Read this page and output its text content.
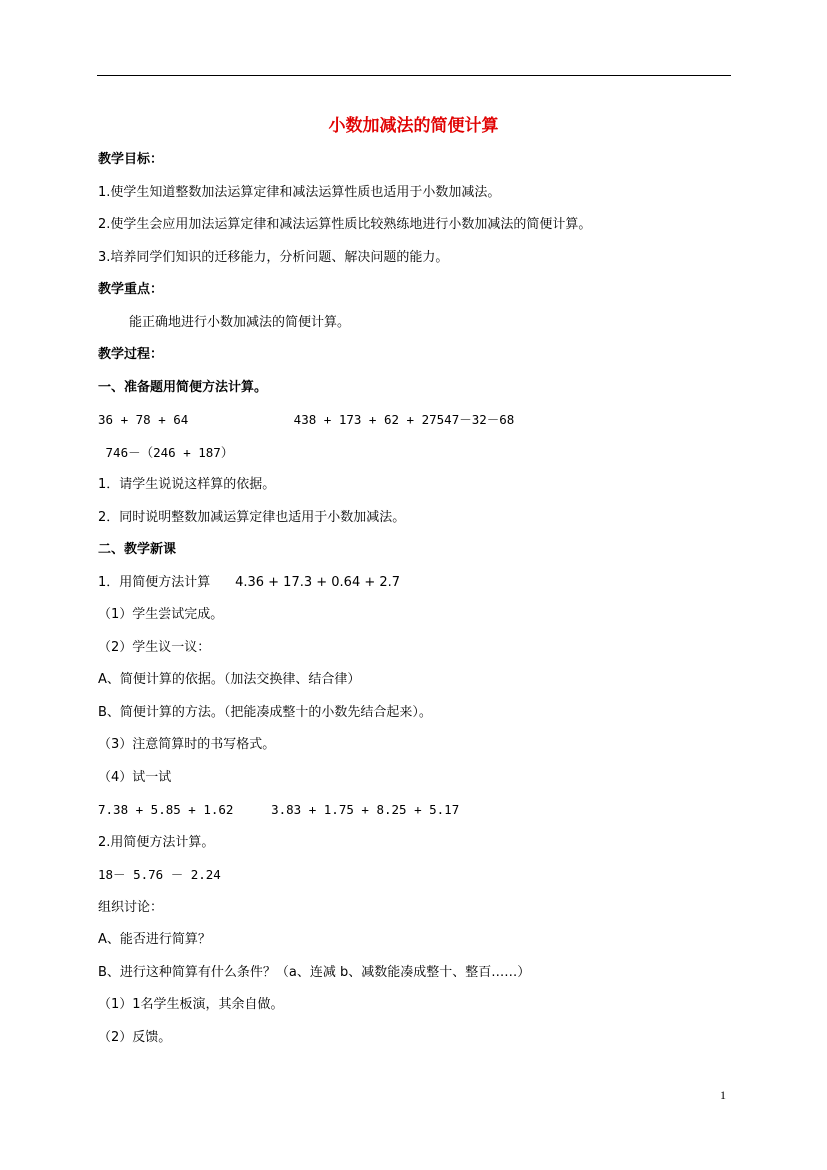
小数加减法的简便计算
教学目标：
1.使学生知道整数加法运算定律和减法运算性质也适用于小数加减法。
2.使学生会应用加法运算定律和减法运算性质比较熟练地进行小数加减法的简便计算。
3.培养同学们知识的迁移能力，分析问题、解决问题的能力。
教学重点：
能正确地进行小数加减法的简便计算。
教学过程：
一、准备题用简便方法计算。
36 + 78 + 64              438 + 173 + 62 + 27547－32－68
746－（246 + 187）
1．请学生说说这样算的依据。
2．同时说明整数加减运算定律也适用于小数加减法。
二、教学新课
1．用简便方法计算      4.36 + 17.3 + 0.64 + 2.7
（1）学生尝试完成。
（2）学生议一议：
A、简便计算的依据。（加法交换律、结合律）
B、简便计算的方法。（把能凑成整十的小数先结合起来）。
（3）注意简算时的书写格式。
（4）试一试
7.38 + 5.85 + 1.62     3.83 + 1.75 + 8.25 + 5.17
2.用简便方法计算。
18－ 5.76 － 2.24
组织讨论：
A、能否进行简算？
B、进行这种简算有什么条件？（a、连减 b、减数能凑成整十、整百……）
（1）1名学生板演，其余自做。
（2）反馈。
1
